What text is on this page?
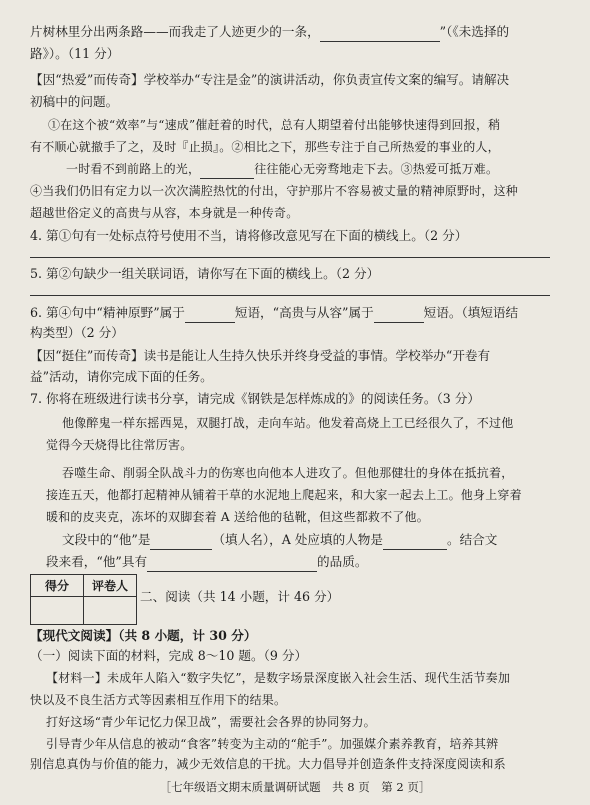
片树林里分出两条路——而我走了人迹更少的一条，	”（《未选择的
路》）。（11 分）
【因“热爱”而传奇】学校举办“专注是金”的演讲活动，你负责宣传文案的编写。请解决
初稿中的问题。
①在这个被“效率”与“速成”催赶着的时代，总有人期望着付出能够快速得到回报，稍
有不顺心就撤手了之，及时『止损』。②相比之下，那些专注于自己所热爱的事业的人，
一时看不到前路上的光，	往往能心无旁骛地走下去。③热爱可抵万难。
④当我们仍旧有定力以一次次满腔热忱的付出，守护那片不容易被丈量的精神原野时，这种
超越世俗定义的高贵与从容，本身就是一种传奇。
4. 第①句有一处标点符号使用不当，请将修改意见写在下面的横线上。（2 分）
5. 第②句缺少一组关联词语，请你写在下面的横线上。（2 分）
6. 第④句中“精神原野”属于	短语，“高贵与从容”属于	短语。（填短语结
构类型）（2 分）
【因“挺住”而传奇】读书是能让人生持久快乐并终身受益的事情。学校举办“开卷有
益”活动，请你完成下面的任务。
7. 你将在班级进行读书分享，请完成《钢铁是怎样炼成的》的阅读任务。（3 分）
他像醉鬼一样东摇西晃，双腿打战，走向车站。他发着高烧上工已经很久了，不过他
觉得今天烧得比往常厉害。
吞噬生命、削弱全队战斗力的伤寒也向他本人进攻了。但他那健壮的身体在抵抗着，
接连五天，他都打起精神从铺着干草的水泥地上爬起来，和大家一起去上工。他身上穿着
暖和的皮夹克，冻坏的双脚套着 A 送给他的毡靴，但这些都救不了他。
文段中的“他”是	（填人名），A 处应填的人物是	。结合文
段来看，“他”具有	的品质。
得分	评卷人

二、阅读（共 14 小题，计 46 分）
【现代文阅读】（共 8 小题，计 30 分）
（一）阅读下面的材料，完成 8～10 题。（9 分）
【材料一】未成年人陷入“数字失忆”，是数字场景深度嵌入社会生活、现代生活节奏加
快以及不良生活方式等因素相互作用下的结果。
打好这场“青少年记忆力保卫战”，需要社会各界的协同努力。
引导青少年从信息的被动“食客”转变为主动的“舵手”。加强媒介素养教育，培养其辨
别信息真伪与价值的能力，减少无效信息的干扰。大力倡导并创造条件支持深度阅读和系
［七年级语文期末质量调研试题　共 8 页　第 2 页］
